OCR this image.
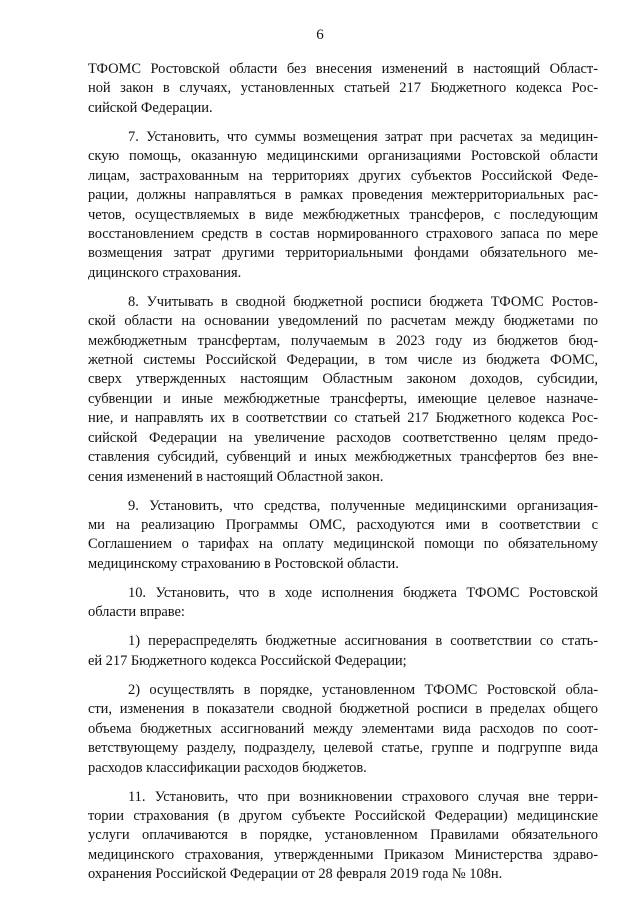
6
ТФОМС Ростовской области без внесения изменений в настоящий Област-
ной закон в случаях, установленных статьей 217 Бюджетного кодекса Рос-
сийской Федерации.
7. Установить, что суммы возмещения затрат при расчетах за медицин-
скую помощь, оказанную медицинскими организациями Ростовской области
лицам, застрахованным на территориях других субъектов Российской Феде-
рации, должны направляться в рамках проведения межтерриториальных рас-
четов, осуществляемых в виде межбюджетных трансферов, с последующим
восстановлением средств в состав нормированного страхового запаса по мере
возмещения затрат другими территориальными фондами обязательного ме-
дицинского страхования.
8. Учитывать в сводной бюджетной росписи бюджета ТФОМС Ростов-
ской области на основании уведомлений по расчетам между бюджетами по
межбюджетным трансфертам, получаемым в 2023 году из бюджетов бюд-
жетной системы Российской Федерации, в том числе из бюджета ФОМС,
сверх утвержденных настоящим Областным законом доходов, субсидии,
субвенции и иные межбюджетные трансферты, имеющие целевое назначе-
ние, и направлять их в соответствии со статьей 217 Бюджетного кодекса Рос-
сийской Федерации на увеличение расходов соответственно целям предо-
ставления субсидий, субвенций и иных межбюджетных трансфертов без вне-
сения изменений в настоящий Областной закон.
9. Установить, что средства, полученные медицинскими организация-
ми на реализацию Программы ОМС, расходуются ими в соответствии с
Соглашением о тарифах на оплату медицинской помощи по обязательному
медицинскому страхованию в Ростовской области.
10. Установить, что в ходе исполнения бюджета ТФОМС Ростовской
области вправе:
1) перераспределять бюджетные ассигнования в соответствии со стать-
ей 217 Бюджетного кодекса Российской Федерации;
2) осуществлять в порядке, установленном ТФОМС Ростовской обла-
сти, изменения в показатели сводной бюджетной росписи в пределах общего
объема бюджетных ассигнований между элементами вида расходов по соот-
ветствующему разделу, подразделу, целевой статье, группе и подгруппе вида
расходов классификации расходов бюджетов.
11. Установить, что при возникновении страхового случая вне терри-
тории страхования (в другом субъекте Российской Федерации) медицинские
услуги оплачиваются в порядке, установленном Правилами обязательного
медицинского страхования, утвержденными Приказом Министерства здраво-
охранения Российской Федерации от 28 февраля 2019 года № 108н.
